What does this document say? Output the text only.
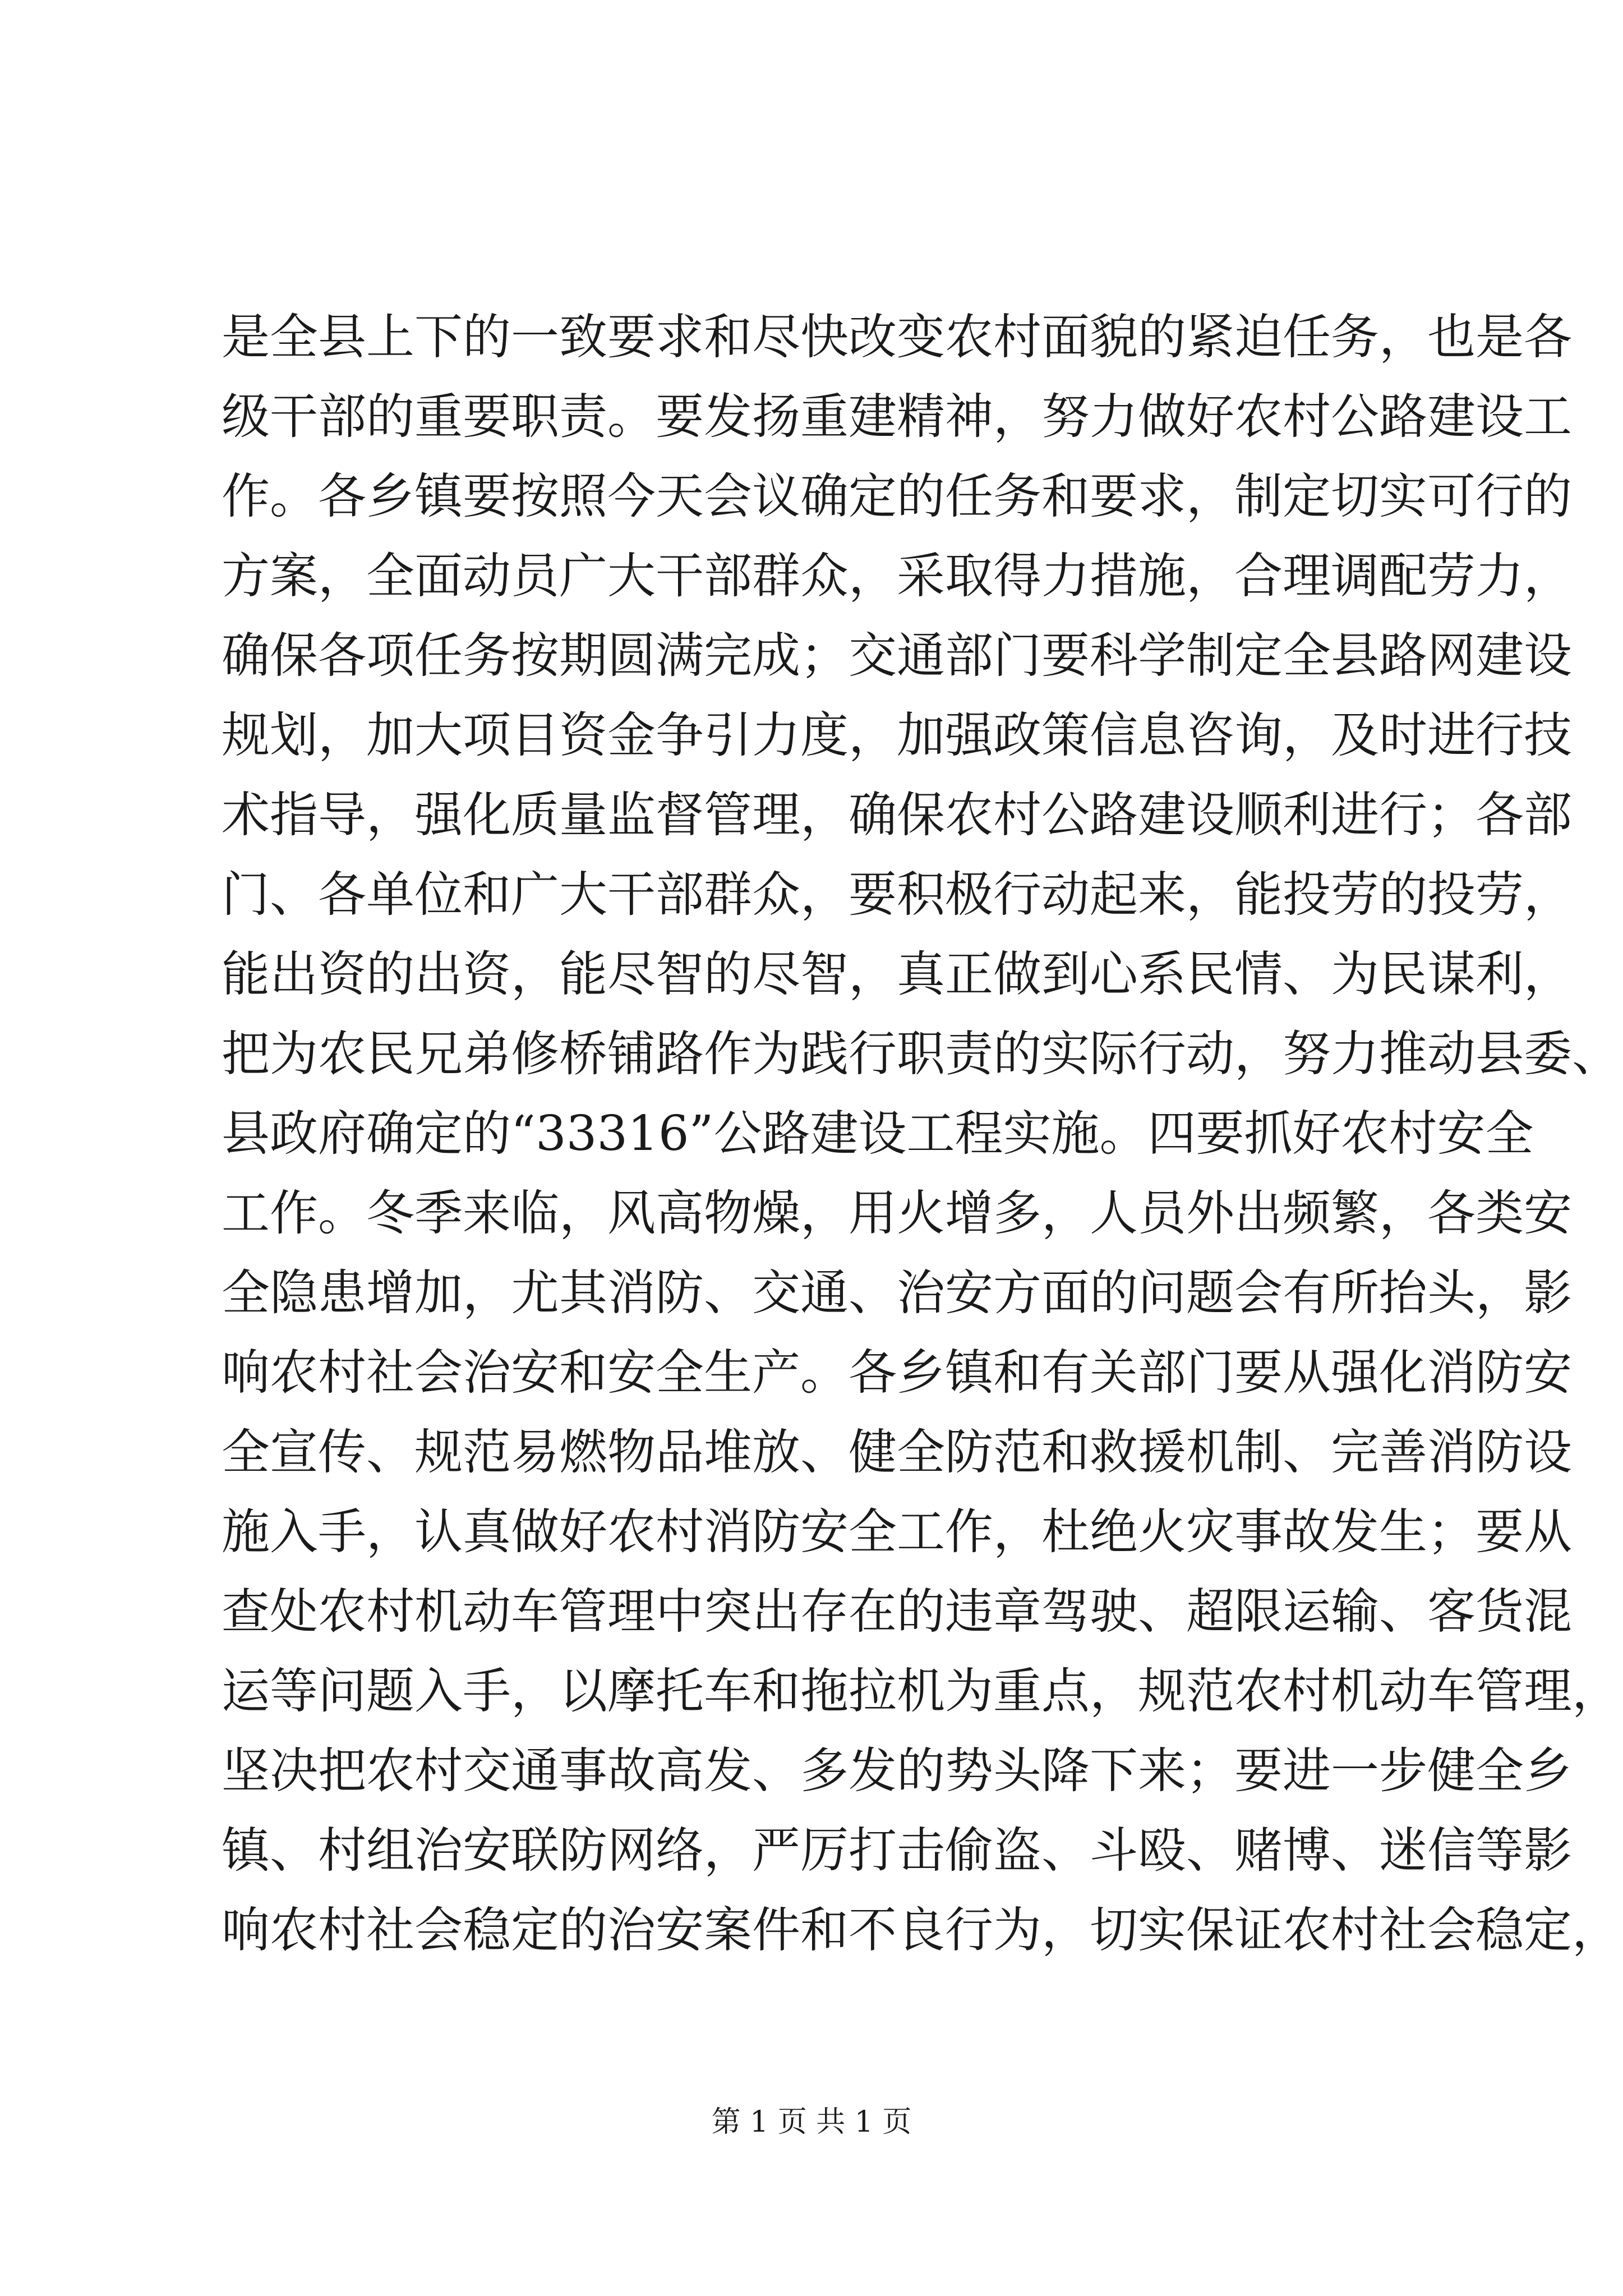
是全县上下的一致要求和尽快改变农村面貌的紧迫任务，也是各
级干部的重要职责。要发扬重建精神，努力做好农村公路建设工
作。各乡镇要按照今天会议确定的任务和要求，制定切实可行的
方案，全面动员广大干部群众，采取得力措施，合理调配劳力，
确保各项任务按期圆满完成；交通部门要科学制定全县路网建设
规划，加大项目资金争引力度，加强政策信息咨询，及时进行技
术指导，强化质量监督管理，确保农村公路建设顺利进行；各部
门、各单位和广大干部群众，要积极行动起来，能投劳的投劳，
能出资的出资，能尽智的尽智，真正做到心系民情、为民谋利，
把为农民兄弟修桥铺路作为践行职责的实际行动，努力推动县委、
县政府确定的“33316”公路建设工程实施。四要抓好农村安全
工作。冬季来临，风高物燥，用火增多，人员外出频繁，各类安
全隐患增加，尤其消防、交通、治安方面的问题会有所抬头，影
响农村社会治安和安全生产。各乡镇和有关部门要从强化消防安
全宣传、规范易燃物品堆放、健全防范和救援机制、完善消防设
施入手，认真做好农村消防安全工作，杜绝火灾事故发生；要从
查处农村机动车管理中突出存在的违章驾驶、超限运输、客货混
运等问题入手，以摩托车和拖拉机为重点，规范农村机动车管理，
坚决把农村交通事故高发、多发的势头降下来；要进一步健全乡
镇、村组治安联防网络，严厉打击偷盗、斗殴、赌博、迷信等影
响农村社会稳定的治安案件和不良行为，切实保证农村社会稳定，
第 1 页 共 1 页
